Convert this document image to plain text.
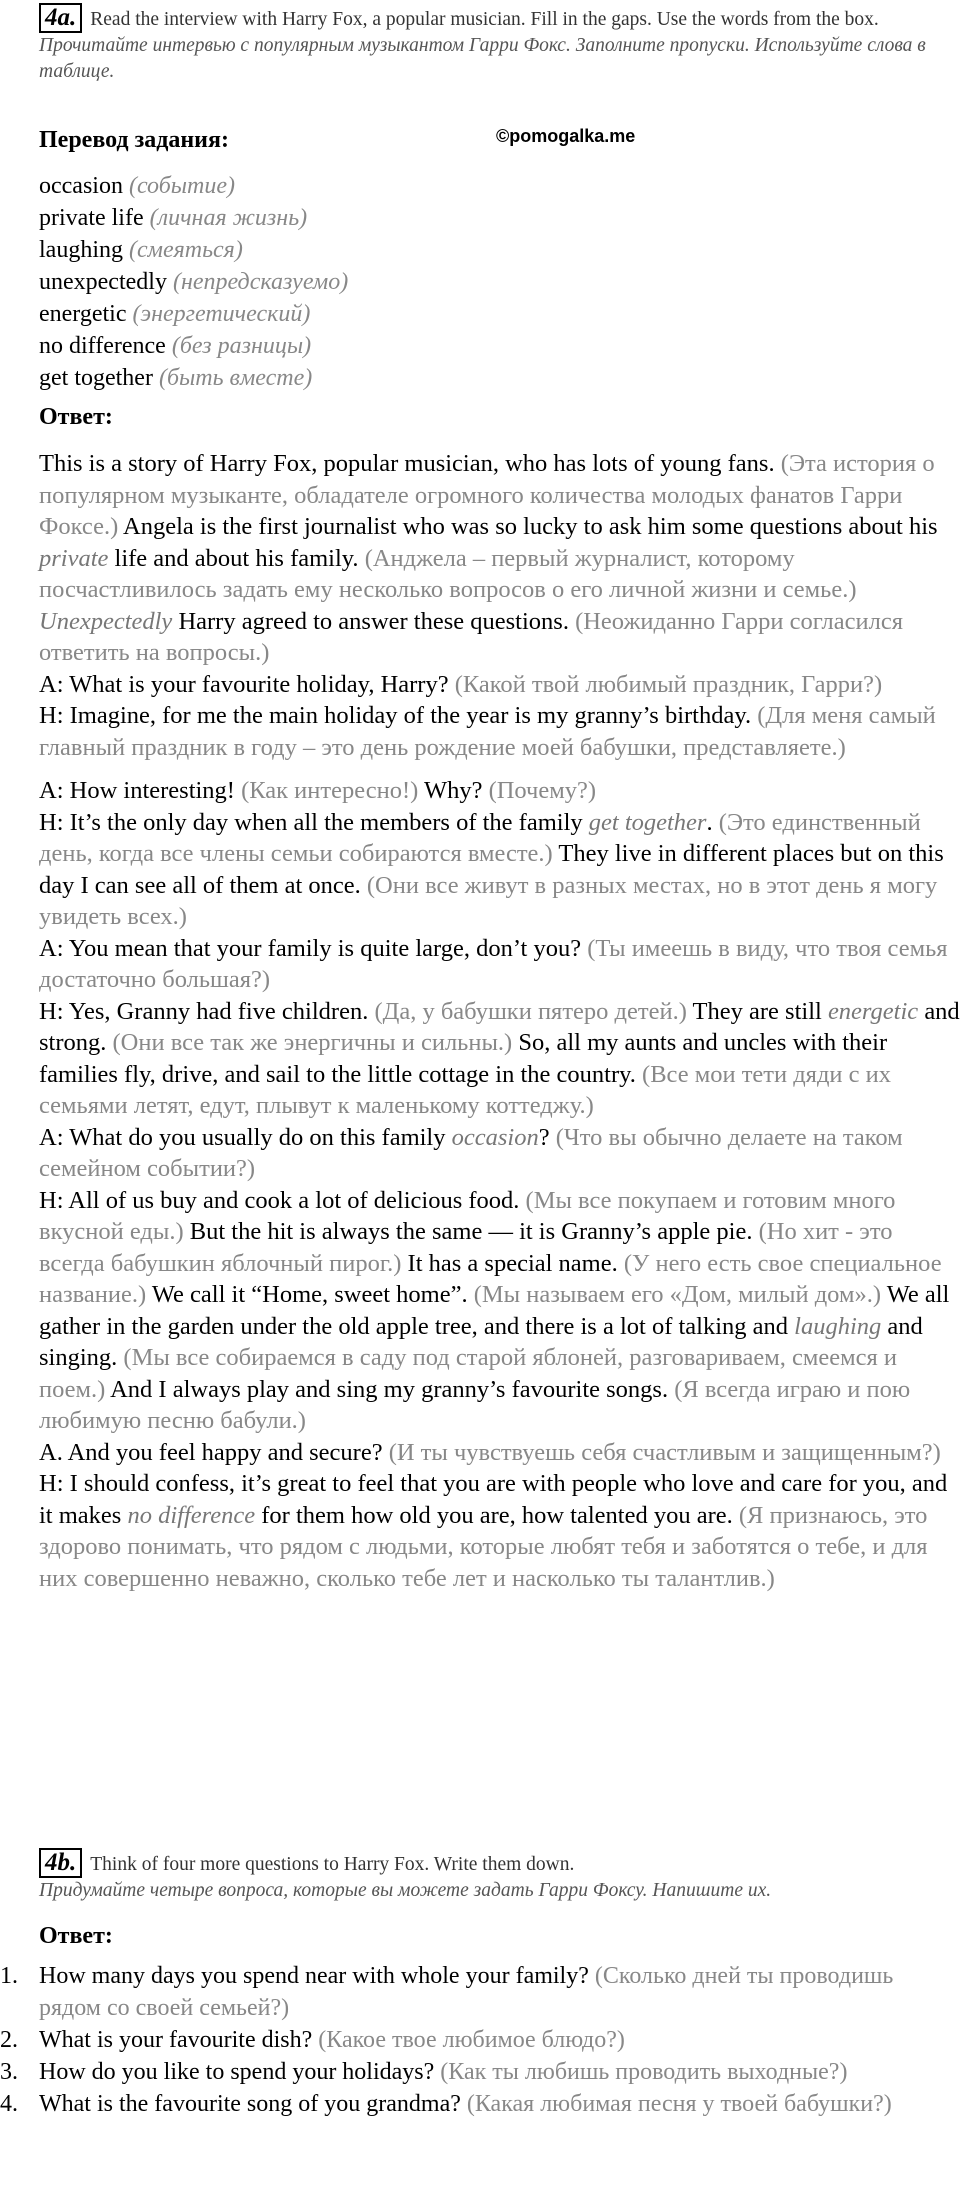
4a. Read the interview with Harry Fox, a popular musician. Fill in the gaps. Use the words from the box.
Прочитайте интервью с популярным музыкантом Гарри Фокс. Заполните пропуски. Используйте слова в таблице.
Перевод задания:	©pomogalka.me
occasion (событие)
private life (личная жизнь)
laughing (смеяться)
unexpectedly (непредсказуемо)
energetic (энергетический)
no difference (без разницы)
get together (быть вместе)
Ответ:

This is a story of Harry Fox, popular musician, who has lots of young fans. (Эта история о популярном музыканте, обладателе огромного количества молодых фанатов Гарри Фоксе.) Angela is the first journalist who was so lucky to ask him some questions about his private life and about his family. (Анджела – первый журналист, которому посчастливилось задать ему несколько вопросов о его личной жизни и семье.) Unexpectedly Harry agreed to answer these questions. (Неожиданно Гарри согласился ответить на вопросы.)

A: What is your favourite holiday, Harry? (Какой твой любимый праздник, Гарри?)

H: Imagine, for me the main holiday of the year is my granny’s birthday. (Для меня самый главный праздник в году – это день рождение моей бабушки, представляете.)

A: How interesting! (Как интересно!) Why? (Почему?)

H: It’s the only day when all the members of the family get together. (Это единственный день, когда все члены семьи собираются вместе.) They live in different places but on this day I can see all of them at once. (Они все живут в разных местах, но в этот день я могу увидеть всех.)

A: You mean that your family is quite large, don’t you? (Ты имеешь в виду, что твоя семья достаточно большая?)

H: Yes, Granny had five children. (Да, у бабушки пятеро детей.) They are still energetic and strong. (Они все так же энергичны и сильны.) So, all my aunts and uncles with their families fly, drive, and sail to the little cottage in the country. (Все мои тети дяди с их семьями летят, едут, плывут к маленькому коттеджу.)

A: What do you usually do on this family occasion? (Что вы обычно делаете на таком семейном событии?)

H: All of us buy and cook a lot of delicious food. (Мы все покупаем и готовим много вкусной еды.) But the hit is always the same — it is Granny’s apple pie. (Но хит - это всегда бабушкин яблочный пирог.) It has a special name. (У него есть свое специальное название.) We call it “Home, sweet home”. (Мы называем его «Дом, милый дом».) We all gather in the garden under the old apple tree, and there is a lot of talking and laughing and singing. (Мы все собираемся в саду под старой яблоней, разговариваем, смеемся и поем.) And I always play and sing my granny’s favourite songs. (Я всегда играю и пою любимую песню бабули.)

A. And you feel happy and secure? (И ты чувствуешь себя счастливым и защищенным?)

H: I should confess, it’s great to feel that you are with people who love and care for you, and it makes no difference for them how old you are, how talented you are. (Я признаюсь, это здорово понимать, что рядом с людьми, которые любят тебя и заботятся о тебе, и для них совершенно неважно, сколько тебе лет и насколько ты талантлив.)

4b. Think of four more questions to Harry Fox. Write them down.
Придумайте четыре вопроса, которые вы можете задать Гарри Фоксу. Напишите их.
Ответ:
1. How many days you spend near with whole your family? (Сколько дней ты проводишь рядом со своей семьей?)
2. What is your favourite dish? (Какое твое любимое блюдо?)
3. How do you like to spend your holidays? (Как ты любишь проводить выходные?)
4. What is the favourite song of you grandma? (Какая любимая песня у твоей бабушки?)
